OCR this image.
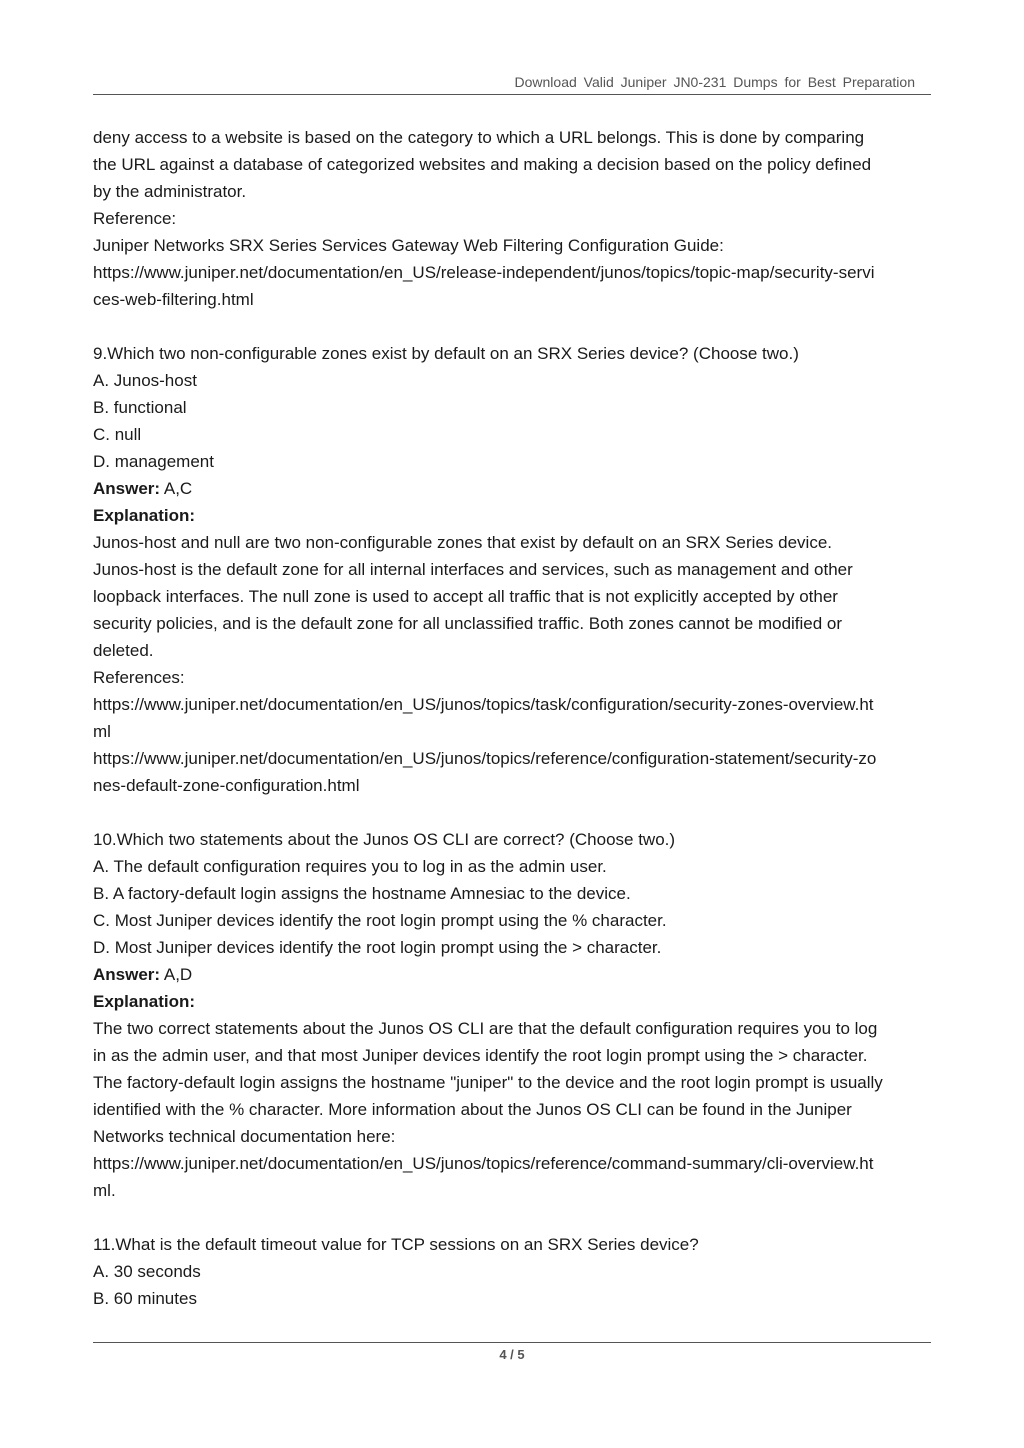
Download Valid Juniper JN0-231 Dumps for Best Preparation
deny access to a website is based on the category to which a URL belongs. This is done by comparing
the URL against a database of categorized websites and making a decision based on the policy defined
by the administrator.
Reference:
Juniper Networks SRX Series Services Gateway Web Filtering Configuration Guide:
https://www.juniper.net/documentation/en_US/release-independent/junos/topics/topic-map/security-servi
ces-web-filtering.html
9.Which two non-configurable zones exist by default on an SRX Series device? (Choose two.)
A. Junos-host
B. functional
C. null
D. management
Answer: A,C
Explanation:
Junos-host and null are two non-configurable zones that exist by default on an SRX Series device.
Junos-host is the default zone for all internal interfaces and services, such as management and other
loopback interfaces. The null zone is used to accept all traffic that is not explicitly accepted by other
security policies, and is the default zone for all unclassified traffic. Both zones cannot be modified or
deleted.
References:
https://www.juniper.net/documentation/en_US/junos/topics/task/configuration/security-zones-overview.ht
ml
https://www.juniper.net/documentation/en_US/junos/topics/reference/configuration-statement/security-zo
nes-default-zone-configuration.html
10.Which two statements about the Junos OS CLI are correct? (Choose two.)
A. The default configuration requires you to log in as the admin user.
B. A factory-default login assigns the hostname Amnesiac to the device.
C. Most Juniper devices identify the root login prompt using the % character.
D. Most Juniper devices identify the root login prompt using the > character.
Answer: A,D
Explanation:
The two correct statements about the Junos OS CLI are that the default configuration requires you to log
in as the admin user, and that most Juniper devices identify the root login prompt using the > character.
The factory-default login assigns the hostname "juniper" to the device and the root login prompt is usually
identified with the % character. More information about the Junos OS CLI can be found in the Juniper
Networks technical documentation here:
https://www.juniper.net/documentation/en_US/junos/topics/reference/command-summary/cli-overview.ht
ml.
11.What is the default timeout value for TCP sessions on an SRX Series device?
A. 30 seconds
B. 60 minutes
4 / 5
